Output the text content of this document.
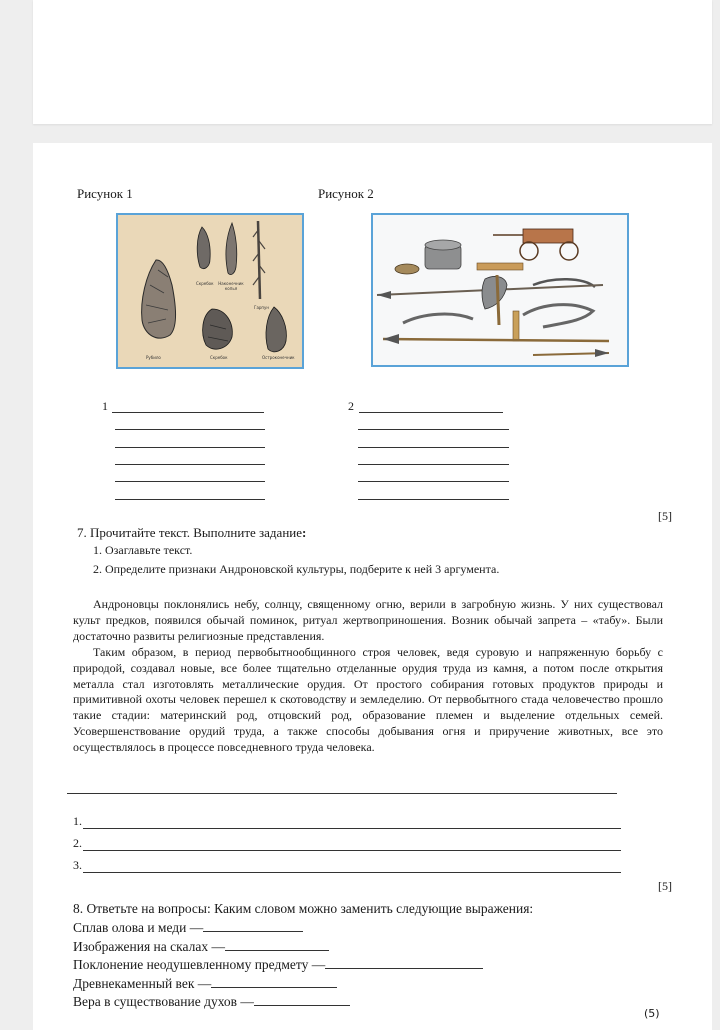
Рисунок 1	Рисунок 2
Скребок Наконечник копья
Гарпун
Рубило	Скребок	Остроконечник
1	2
[5]
7. Прочитайте текст. Выполните задание:
1. Озаглавьте текст.
2. Определите признаки Андроновской культуры, подберите к ней 3 аргумента.
Андроновцы поклонялись небу, солнцу, священному огню, верили в загробную жизнь. У них существовал культ предков, появился обычай поминок, ритуал жертвоприношения. Возник обычай запрета – «табу». Были достаточно развиты религиозные представления.
Таким образом, в период первобытнообщинного строя человек, ведя суровую и напряженную борьбу с природой, создавал новые, все более тщательно отделанные орудия труда из камня, а потом после открытия металла стал изготовлять металлические орудия. От простого собирания готовых продуктов природы и примитивной охоты человек перешел к скотоводству и земледелию. От первобытного стада человечество прошло такие стадии: материнский род, отцовский род, образование племен и выделение отдельных семей. Усовершенствование орудий труда, а также способы добывания огня и приручение животных, все это осуществлялось в процессе повседневного труда человека.
1.
2.
3.
[5]
8. Ответьте на вопросы: Каким словом можно заменить следующие выражения:
Сплав олова и меди —
Изображения на скалах —
Поклонение неодушевленному предмету —
Древнекаменный век —
Вера в существование духов —
(5)
